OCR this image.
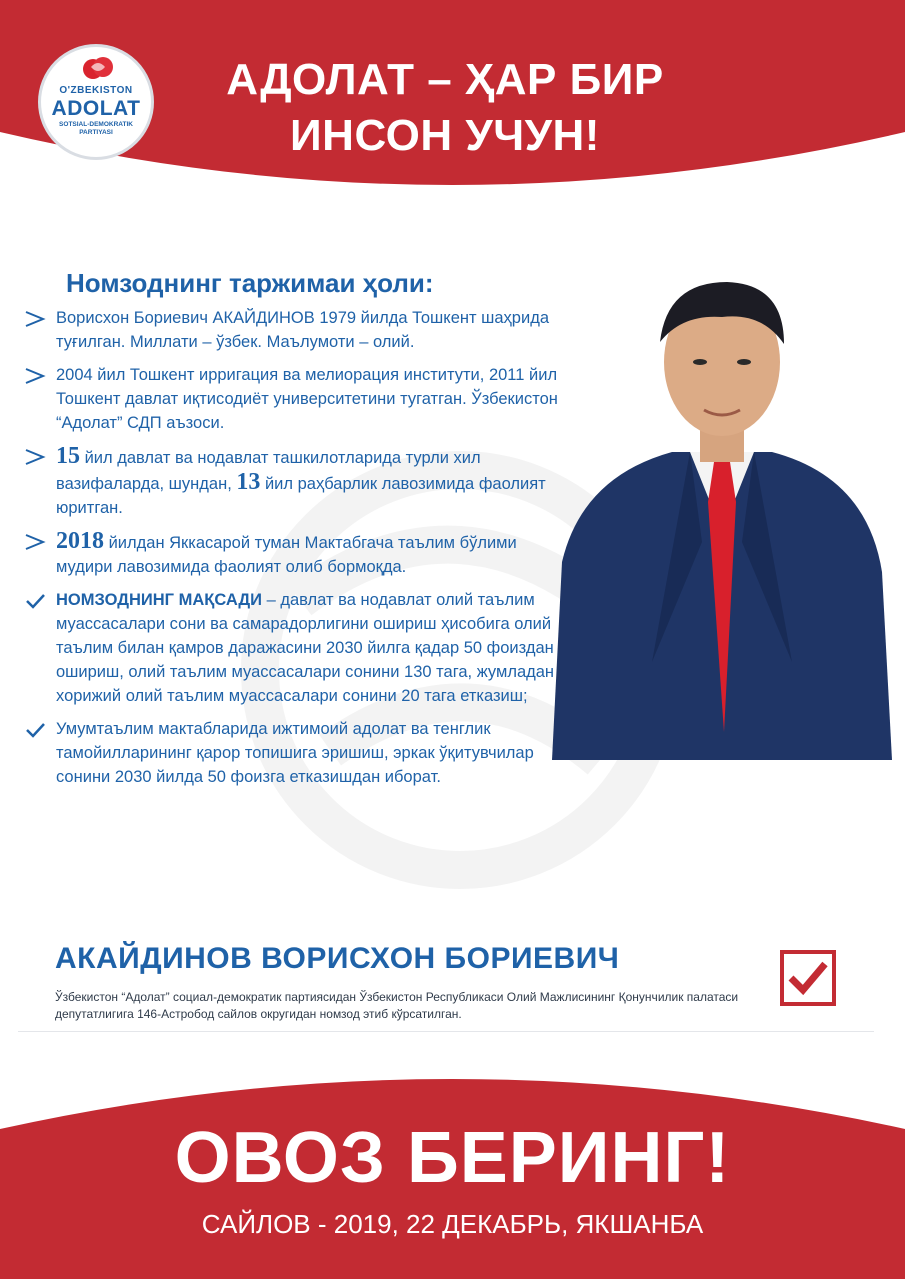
O'ZBEKISTON
ADOLAT
SOTSIAL-DEMOKRATIK
PARTIYASI
АДОЛАТ – ҲАР БИР
ИНСОН УЧУН!
Номзоднинг таржимаи ҳоли:
Ворисхон Бориевич АКАЙДИНОВ 1979 йилда Тошкент шаҳрида туғилган. Миллати – ўзбек. Маълумоти – олий.
2004 йил Тошкент ирригация ва мелиорация институти, 2011 йил Тошкент давлат иқтисодиёт университетини тугатган. Ўзбекистон “Адолат” СДП аъзоси.
15 йил давлат ва нодавлат ташкилотларида турли хил вазифаларда, шундан, 13 йил раҳбарлик лавозимида фаолият юритган.
2018 йилдан Яккасарой туман Мактабгача таълим бўлими мудири лавозимида фаолият олиб бормоқда.
НОМЗОДНИНГ МАҚСАДИ – давлат ва нодавлат олий таълим муассасалари сони ва самарадорлигини ошириш ҳисобига олий таълим билан қамров даражасини 2030 йилга қадар 50 фоиздан ошириш, олий таълим муассасалари сонини 130 тага, жумладан хорижий олий таълим муассасалари сонини 20 тага етказиш;
Умумтаълим мактабларида ижтимоий адолат ва тенглик тамойилларининг қарор топишига эришиш, эркак ўқитувчилар сонини 2030 йилда 50 фоизга етказишдан иборат.
АКАЙДИНОВ ВОРИСХОН БОРИЕВИЧ
Ўзбекистон “Адолат” социал-демократик партиясидан Ўзбекистон Республикаси Олий Мажлисининг Қонунчилик палатаси депутатлигига 146-Астробод сайлов округидан номзод этиб кўрсатилган.
ОВОЗ БЕРИНГ!
САЙЛОВ - 2019, 22 ДЕКАБРЬ, ЯКШАНБА
